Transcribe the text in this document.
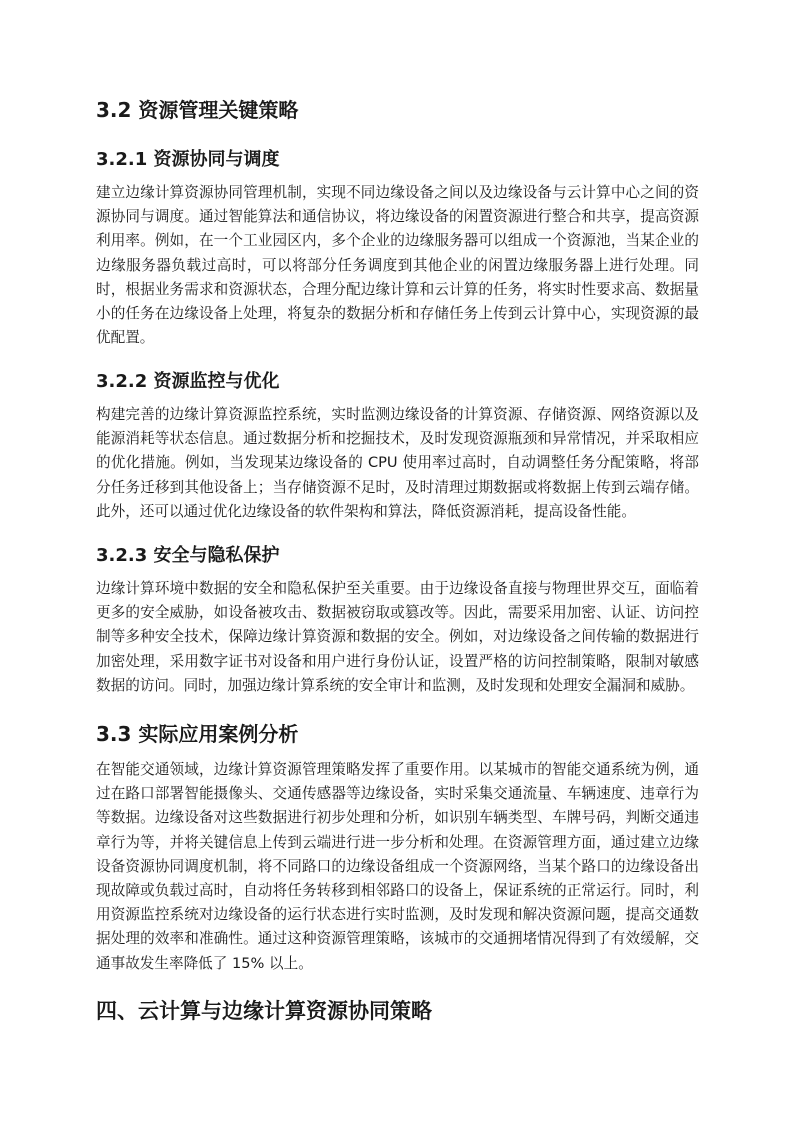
3.2 资源管理关键策略
3.2.1 资源协同与调度

建立边缘计算资源协同管理机制，实现不同边缘设备之间以及边缘设备与云计算中心之间的资源协同与调度。通过智能算法和通信协议，将边缘设备的闲置资源进行整合和共享，提高资源利用率。例如，在一个工业园区内，多个企业的边缘服务器可以组成一个资源池，当某企业的边缘服务器负载过高时，可以将部分任务调度到其他企业的闲置边缘服务器上进行处理。同时，根据业务需求和资源状态，合理分配边缘计算和云计算的任务，将实时性要求高、数据量小的任务在边缘设备上处理，将复杂的数据分析和存储任务上传到云计算中心，实现资源的最优配置。

3.2.2 资源监控与优化

构建完善的边缘计算资源监控系统，实时监测边缘设备的计算资源、存储资源、网络资源以及能源消耗等状态信息。通过数据分析和挖掘技术，及时发现资源瓶颈和异常情况，并采取相应的优化措施。例如，当发现某边缘设备的 CPU 使用率过高时，自动调整任务分配策略，将部分任务迁移到其他设备上；当存储资源不足时，及时清理过期数据或将数据上传到云端存储。此外，还可以通过优化边缘设备的软件架构和算法，降低资源消耗，提高设备性能。

3.2.3 安全与隐私保护

边缘计算环境中数据的安全和隐私保护至关重要。由于边缘设备直接与物理世界交互，面临着更多的安全威胁，如设备被攻击、数据被窃取或篡改等。因此，需要采用加密、认证、访问控制等多种安全技术，保障边缘计算资源和数据的安全。例如，对边缘设备之间传输的数据进行加密处理，采用数字证书对设备和用户进行身份认证，设置严格的访问控制策略，限制对敏感数据的访问。同时，加强边缘计算系统的安全审计和监测，及时发现和处理安全漏洞和威胁。

3.3 实际应用案例分析

在智能交通领域，边缘计算资源管理策略发挥了重要作用。以某城市的智能交通系统为例，通过在路口部署智能摄像头、交通传感器等边缘设备，实时采集交通流量、车辆速度、违章行为等数据。边缘设备对这些数据进行初步处理和分析，如识别车辆类型、车牌号码，判断交通违章行为等，并将关键信息上传到云端进行进一步分析和处理。在资源管理方面，通过建立边缘设备资源协同调度机制，将不同路口的边缘设备组成一个资源网络，当某个路口的边缘设备出现故障或负载过高时，自动将任务转移到相邻路口的设备上，保证系统的正常运行。同时，利用资源监控系统对边缘设备的运行状态进行实时监测，及时发现和解决资源问题，提高交通数据处理的效率和准确性。通过这种资源管理策略，该城市的交通拥堵情况得到了有效缓解，交通事故发生率降低了 15% 以上。

四、云计算与边缘计算资源协同策略
